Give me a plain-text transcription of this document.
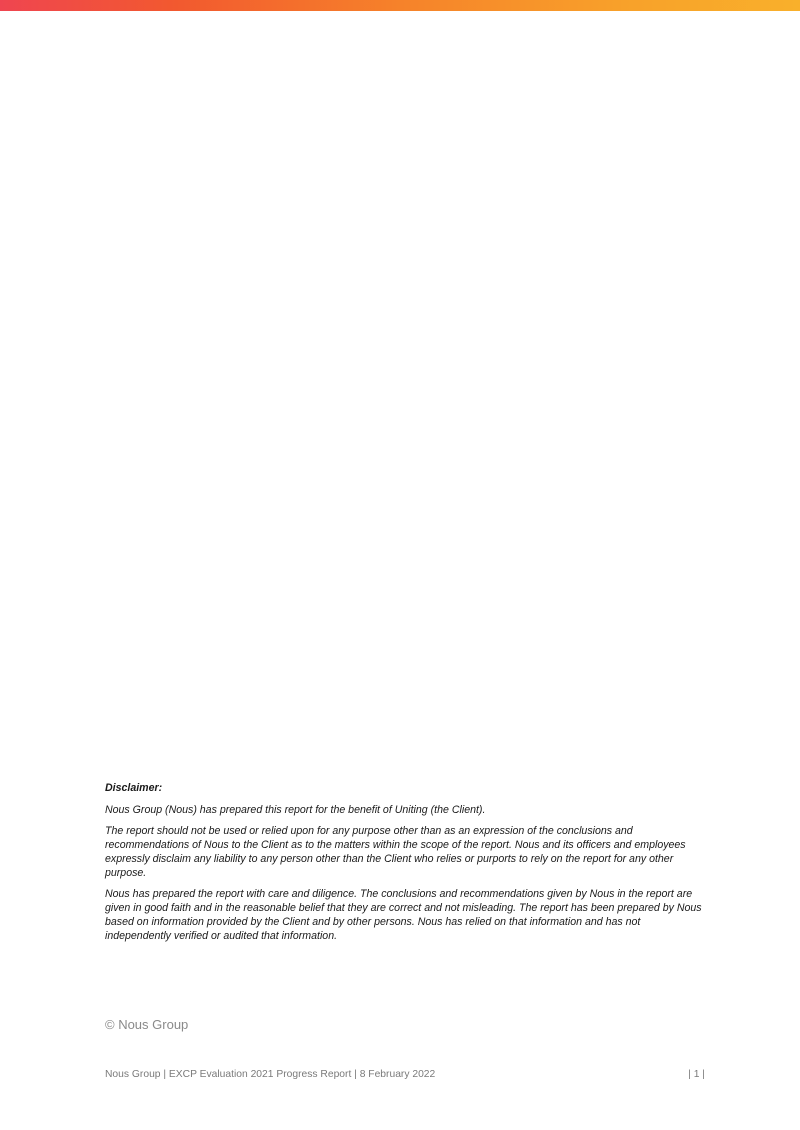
Disclaimer:

Nous Group (Nous) has prepared this report for the benefit of Uniting (the Client).

The report should not be used or relied upon for any purpose other than as an expression of the conclusions and recommendations of Nous to the Client as to the matters within the scope of the report. Nous and its officers and employees expressly disclaim any liability to any person other than the Client who relies or purports to rely on the report for any other purpose.

Nous has prepared the report with care and diligence. The conclusions and recommendations given by Nous in the report are given in good faith and in the reasonable belief that they are correct and not misleading. The report has been prepared by Nous based on information provided by the Client and by other persons. Nous has relied on that information and has not independently verified or audited that information.

© Nous Group
Nous Group | EXCP Evaluation 2021 Progress Report | 8 February 2022	| 1 |
